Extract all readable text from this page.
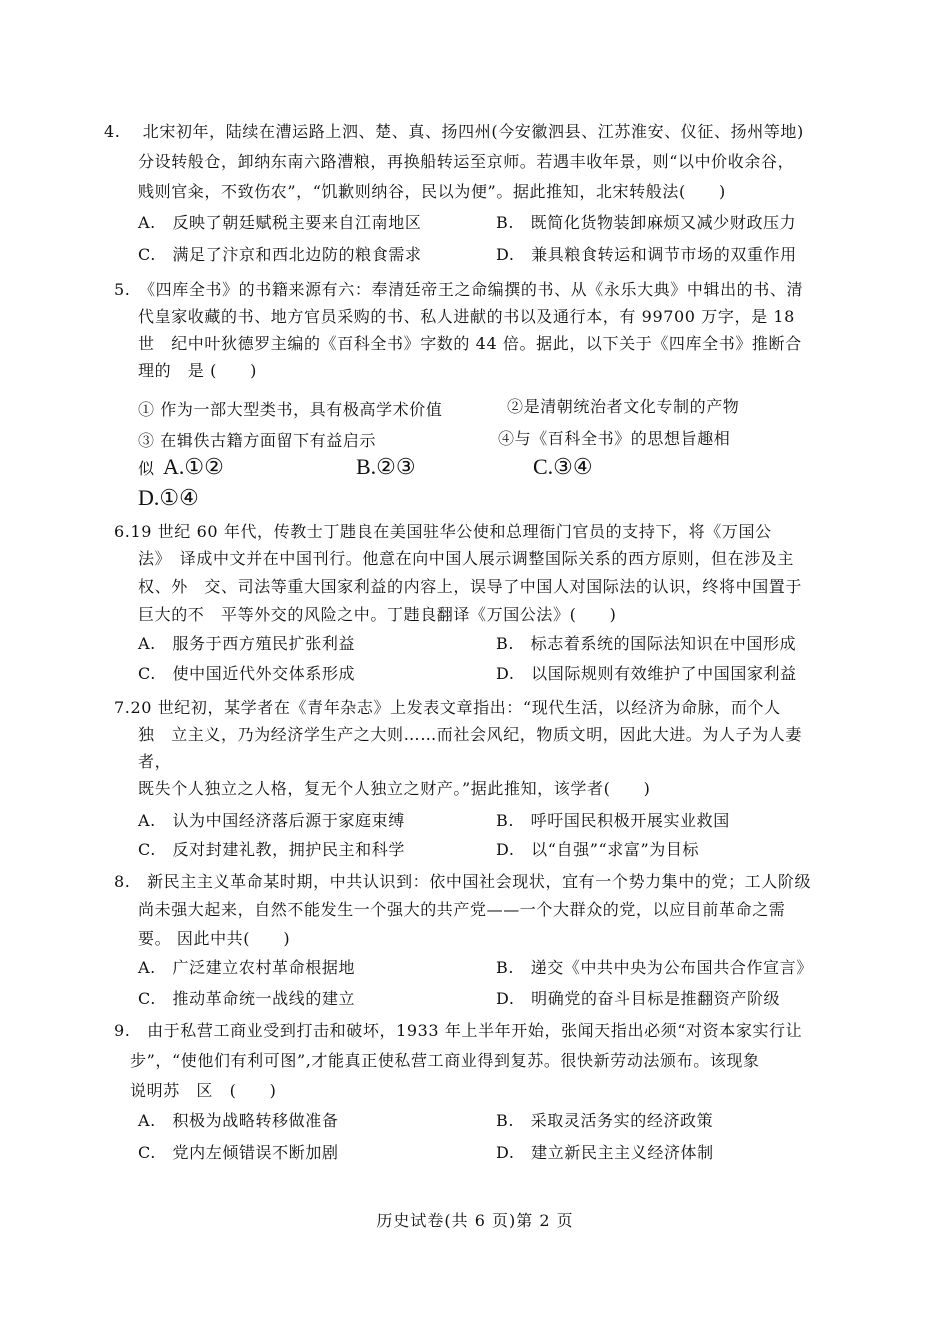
4.　 北宋初年，陆续在漕运路上泗、楚、真、扬四州(今安徽泗县、江苏淮安、仪征、扬州等地)
分设转般仓，卸纳东南六路漕粮，再换船转运至京师。若遇丰收年景，则“以中价收余谷，
贱则官籴，不致伤农”，“饥歉则纳谷，民以为便”。据此推知，北宋转般法(　　)
A.　反映了朝廷赋税主要来自江南地区	B.　既简化货物装卸麻烦又减少财政压力
C.　满足了汴京和西北边防的粮食需求	D.　兼具粮食转运和调节市场的双重作用
5.　《四库全书》的书籍来源有六：奉清廷帝王之命编撰的书、从《永乐大典》中辑出的书、清
代皇家收藏的书、地方官员采购的书、私人进献的书以及通行本，有 99700 万字，是 18
世　纪中叶狄德罗主编的《百科全书》字数的 44 倍。据此，以下关于《四库全书》推断合
理的　是 (　　)
① 作为一部大型类书，具有极高学术价值	②是清朝统治者文化专制的产物
③ 在辑佚古籍方面留下有益启示	④与《百科全书》的思想旨趣相
似 A.①②	B.②③	C.③④
D.①④
6.19 世纪 60 年代，传教士丁韪良在美国驻华公使和总理衙门官员的支持下，将《万国公
法》　译成中文并在中国刊行。他意在向中国人展示调整国际关系的西方原则，但在涉及主
权、外　交、司法等重大国家利益的内容上，误导了中国人对国际法的认识，终将中国置于
巨大的不　平等外交的风险之中。丁韪良翻译《万国公法》(　　)
A.　服务于西方殖民扩张利益	B.　标志着系统的国际法知识在中国形成
C.　使中国近代外交体系形成	D.　以国际规则有效维护了中国国家利益
7.20 世纪初，某学者在《青年杂志》上发表文章指出：“现代生活，以经济为命脉，而个人
独　立主义，乃为经济学生产之大则……而社会风纪，物质文明，因此大进。为人子为人妻
者，
既失个人独立之人格，复无个人独立之财产。”据此推知，该学者(　　)
A.　认为中国经济落后源于家庭束缚	B.　呼吁国民积极开展实业救国
C.　反对封建礼教，拥护民主和科学	D.　以“自强”“求富”为目标
8.　新民主主义革命某时期，中共认识到：依中国社会现状，宜有一个势力集中的党；工人阶级
尚未强大起来，自然不能发生一个强大的共产党——一个大群众的党，以应目前革命之需
要。 因此中共(　　)
A.　广泛建立农村革命根据地	B.　递交《中共中央为公布国共合作宣言》
C.　推动革命统一战线的建立	D.　明确党的奋斗目标是推翻资产阶级
9.　由于私营工商业受到打击和破坏，1933 年上半年开始，张闻天指出必须“对资本家实行让
步”，“使他们有利可图”,才能真正使私营工商业得到复苏。很快新劳动法颁布。该现象
说明苏　区　(　　)
A.　积极为战略转移做准备	B.　采取灵活务实的经济政策
C.　党内左倾错误不断加剧	D.　建立新民主主义经济体制
历史试卷(共 6 页)第 2 页
